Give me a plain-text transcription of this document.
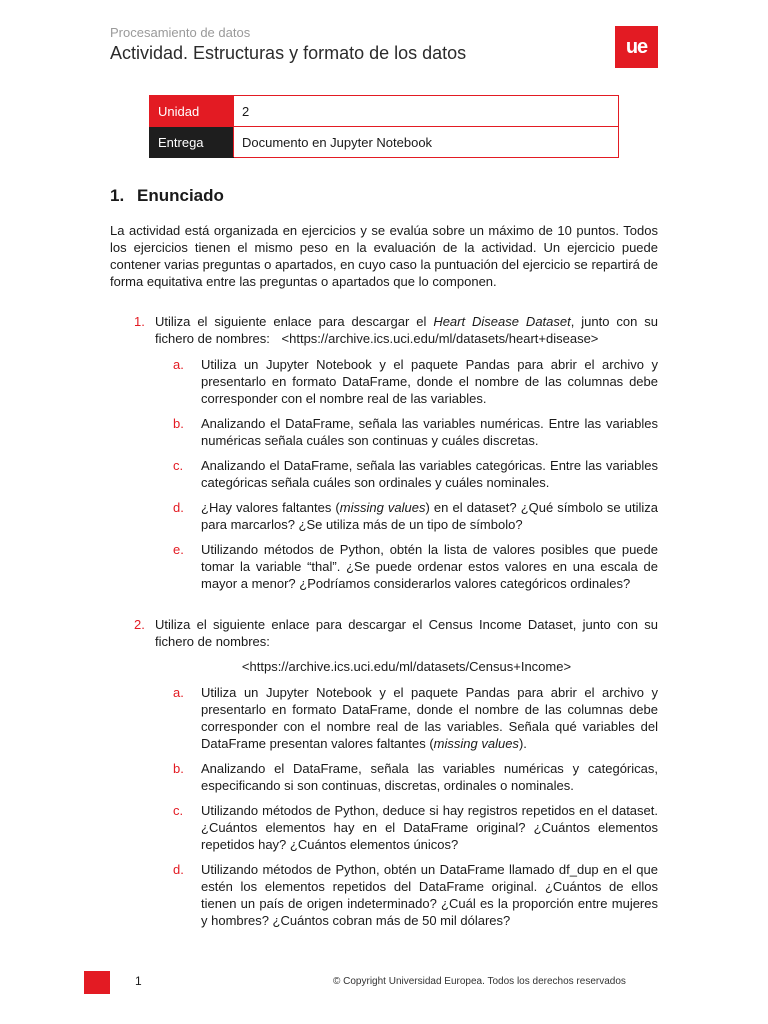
Procesamiento de datos
Actividad. Estructuras y formato de los datos	ue
Unidad	2
Entrega	Documento en Jupyter Notebook
1. Enunciado
La actividad está organizada en ejercicios y se evalúa sobre un máximo de 10 puntos. Todos los ejercicios tienen el mismo peso en la evaluación de la actividad. Un ejercicio puede contener varias preguntas o apartados, en cuyo caso la puntuación del ejercicio se repartirá de forma equitativa entre las preguntas o apartados que lo componen.
1. Utiliza el siguiente enlace para descargar el Heart Disease Dataset, junto con su fichero de nombres: <https://archive.ics.uci.edu/ml/datasets/heart+disease>
a. Utiliza un Jupyter Notebook y el paquete Pandas para abrir el archivo y presentarlo en formato DataFrame, donde el nombre de las columnas debe corresponder con el nombre real de las variables.
b. Analizando el DataFrame, señala las variables numéricas. Entre las variables numéricas señala cuáles son continuas y cuáles discretas.
c. Analizando el DataFrame, señala las variables categóricas. Entre las variables categóricas señala cuáles son ordinales y cuáles nominales.
d. ¿Hay valores faltantes (missing values) en el dataset? ¿Qué símbolo se utiliza para marcarlos? ¿Se utiliza más de un tipo de símbolo?
e. Utilizando métodos de Python, obtén la lista de valores posibles que puede tomar la variable “thal”. ¿Se puede ordenar estos valores en una escala de mayor a menor? ¿Podríamos considerarlos valores categóricos ordinales?
2. Utiliza el siguiente enlace para descargar el Census Income Dataset, junto con su fichero de nombres:
<https://archive.ics.uci.edu/ml/datasets/Census+Income>
a. Utiliza un Jupyter Notebook y el paquete Pandas para abrir el archivo y presentarlo en formato DataFrame, donde el nombre de las columnas debe corresponder con el nombre real de las variables. Señala qué variables del DataFrame presentan valores faltantes (missing values).
b. Analizando el DataFrame, señala las variables numéricas y categóricas, especificando si son continuas, discretas, ordinales o nominales.
c. Utilizando métodos de Python, deduce si hay registros repetidos en el dataset. ¿Cuántos elementos hay en el DataFrame original? ¿Cuántos elementos repetidos hay? ¿Cuántos elementos únicos?
d. Utilizando métodos de Python, obtén un DataFrame llamado df_dup en el que estén los elementos repetidos del DataFrame original. ¿Cuántos de ellos tienen un país de origen indeterminado? ¿Cuál es la proporción entre mujeres y hombres? ¿Cuántos cobran más de 50 mil dólares?
1	© Copyright Universidad Europea. Todos los derechos reservados
